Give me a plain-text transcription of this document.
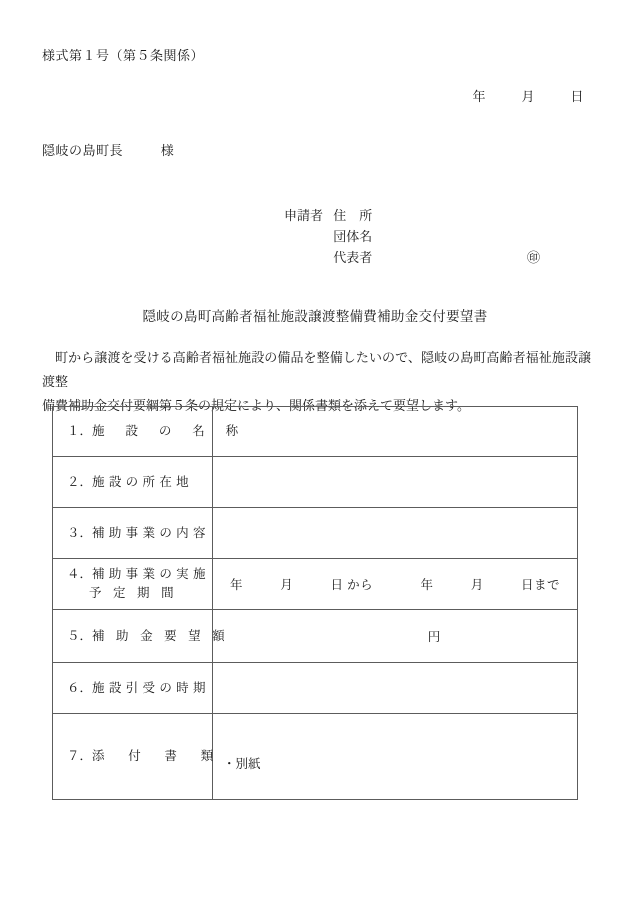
様式第１号（第５条関係）
年	月	日
隠岐の島町長	様
申請者 住　所
団体名
代表者	㊞
隠岐の島町高齢者福祉施設譲渡整備費補助金交付要望書
町から譲渡を受ける高齢者福祉施設の備品を整備したいので、隠岐の島町高齢者福祉施設譲渡整
備費補助金交付要綱第５条の規定により、関係書類を添えて要望します。
１．施　設　の　名　称	

２．施 設 の 所 在 地	

３．補 助 事 業 の 内 容	

４．補 助 事 業 の 実 施
予 定 期 間	年 月 日 から 年 月 日まで

５．補 助 金 要 望 額	円

６．施 設 引 受 の 時 期	

７．添　付　書　類	・別紙
